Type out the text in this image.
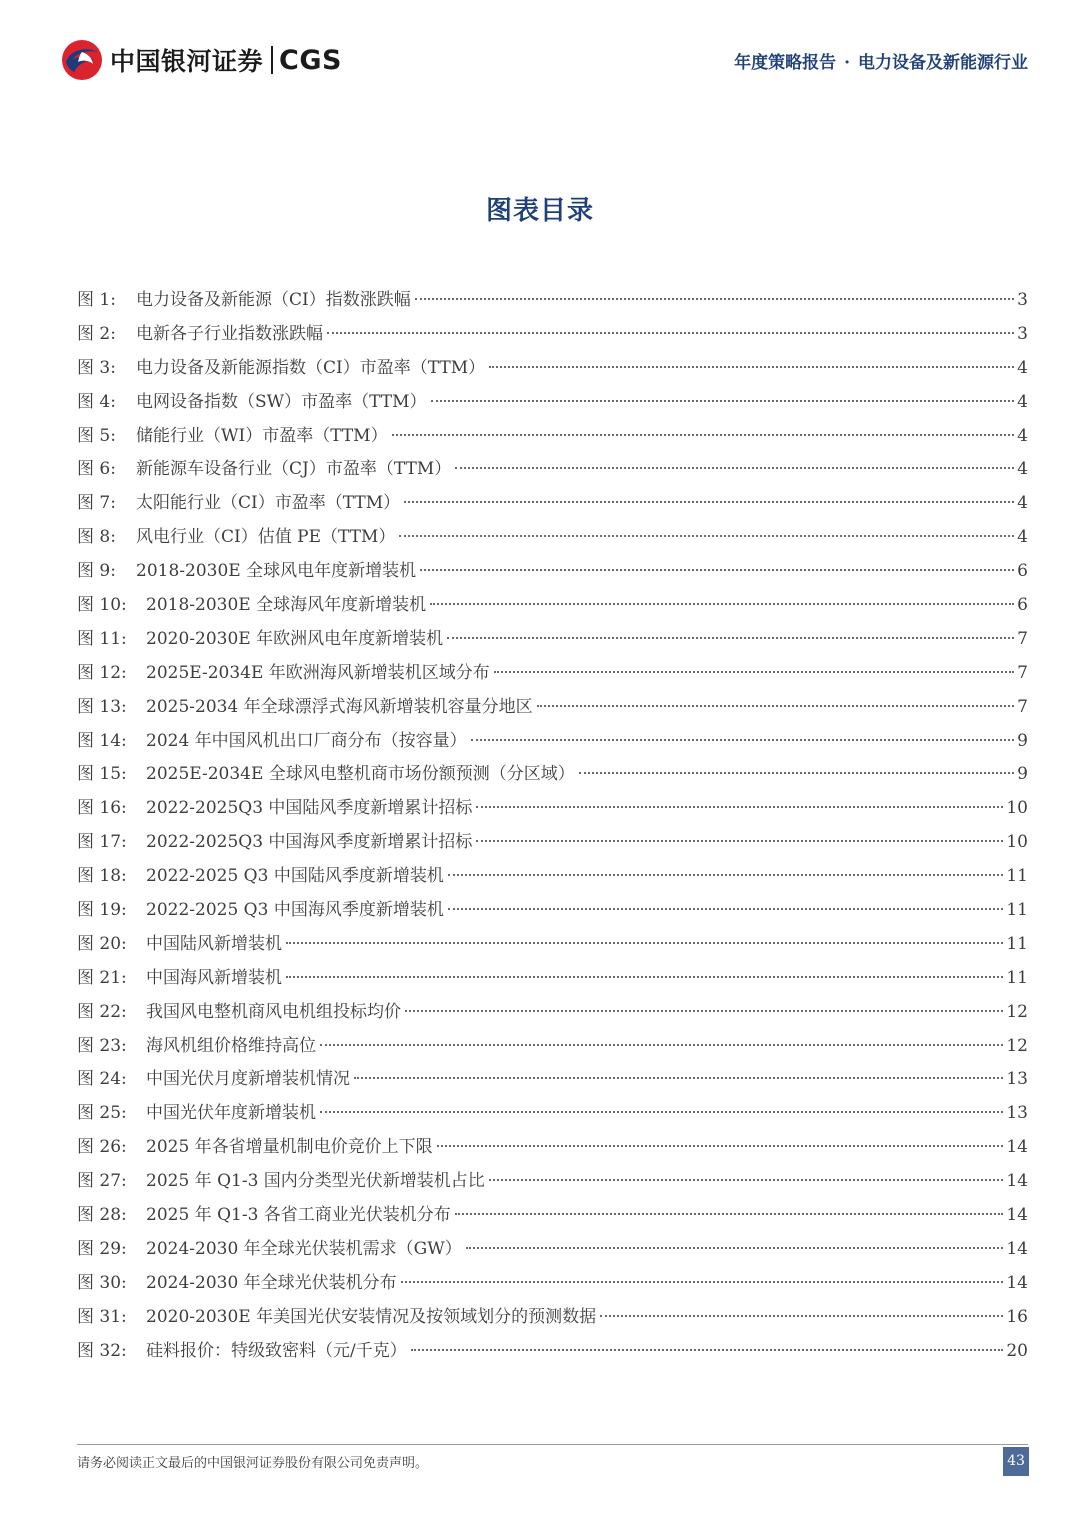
中国银河证券 CGS	年度策略报告 · 电力设备及新能源行业
图表目录
图 1:	电力设备及新能源（CI）指数涨跌幅	3
图 2:	电新各子行业指数涨跌幅	3
图 3:	电力设备及新能源指数（CI）市盈率（TTM）	4
图 4:	电网设备指数（SW）市盈率（TTM）	4
图 5:	储能行业（WI）市盈率（TTM）	4
图 6:	新能源车设备行业（CJ）市盈率（TTM）	4
图 7:	太阳能行业（CI）市盈率（TTM）	4
图 8:	风电行业（CI）估值 PE（TTM）	4
图 9:	2018-2030E 全球风电年度新增装机	6
图 10:	2018-2030E 全球海风年度新增装机	6
图 11:	2020-2030E 年欧洲风电年度新增装机	7
图 12:	2025E-2034E 年欧洲海风新增装机区域分布	7
图 13:	2025-2034 年全球漂浮式海风新增装机容量分地区	7
图 14:	2024 年中国风机出口厂商分布（按容量）	9
图 15:	2025E-2034E 全球风电整机商市场份额预测（分区域）	9
图 16:	2022-2025Q3 中国陆风季度新增累计招标	10
图 17:	2022-2025Q3 中国海风季度新增累计招标	10
图 18:	2022-2025 Q3 中国陆风季度新增装机	11
图 19:	2022-2025 Q3 中国海风季度新增装机	11
图 20:	中国陆风新增装机	11
图 21:	中国海风新增装机	11
图 22:	我国风电整机商风电机组投标均价	12
图 23:	海风机组价格维持高位	12
图 24:	中国光伏月度新增装机情况	13
图 25:	中国光伏年度新增装机	13
图 26:	2025 年各省增量机制电价竞价上下限	14
图 27:	2025 年 Q1-3 国内分类型光伏新增装机占比	14
图 28:	2025 年 Q1-3 各省工商业光伏装机分布	14
图 29:	2024-2030 年全球光伏装机需求（GW）	14
图 30:	2024-2030 年全球光伏装机分布	14
图 31:	2020-2030E 年美国光伏安装情况及按领域划分的预测数据	16
图 32:	硅料报价：特级致密料（元/千克）	20
请务必阅读正文最后的中国银河证券股份有限公司免责声明。	43
